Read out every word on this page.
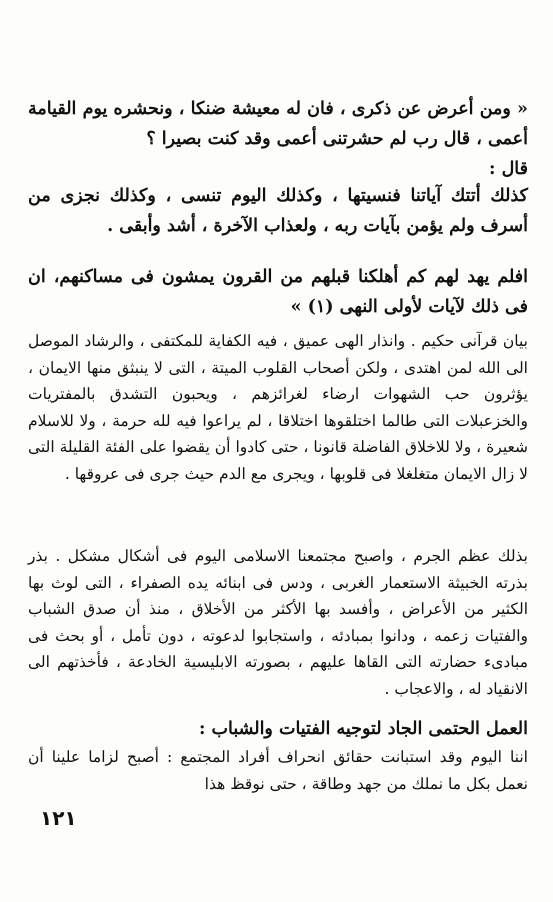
« ومن أعرض عن ذكرى ، فان له معيشة ضنكا ، ونحشره يوم القيامة أعمى ، قال رب لم حشرتنى أعمى وقد كنت بصيرا ؟

قال :

كذلك أتتك آياتنا فنسيتها ، وكذلك اليوم تنسى ، وكذلك نجزى من أسرف ولم يؤمن بآيات ربه ، ولعذاب الآخرة ، أشد وأبقى .

افلم يهد لهم كم أهلكنا قبلهم من القرون يمشون فى مساكنهم، ان فى ذلك لآيات لأولى النهى (١) »

بيان قرآنى حكيم . وانذار الهى عميق ، فيه الكفاية للمكتفى ، والرشاد الموصل الى الله لمن اهتدى ، ولكن أصحاب القلوب الميتة ، التى لا ينبثق منها الايمان ، يؤثرون حب الشهوات ارضاء لغرائزهم ، ويحبون التشدق بالمفتريات والخزعبلات التى طالما اختلقوها اختلاقا ، لم يراعوا فيه لله حرمة ، ولا للاسلام شعيرة ، ولا للاخلاق الفاضلة قانونا ، حتى كادوا أن يقضوا على الفئة القليلة التى لا زال الايمان متغلغلا فى قلوبها ، ويجرى مع الدم حيث جرى فى عروقها .

بذلك عظم الجرم ، واصبح مجتمعنا الاسلامى اليوم فى أشكال مشكل . بذر بذرته الخبيثة الاستعمار الغربى ، ودس فى ابنائه يده الصفراء ، التى لوث بها الكثير من الأعراض ، وأفسد بها الأكثر من الأخلاق ، منذ أن صدق الشباب والفتيات زعمه ، ودانوا بمبادئه ، واستجابوا لدعوته ، دون تأمل ، أو بحث فى مبادىء حضارته التى القاها عليهم ، بصورته الابليسية الخادعة ، فأخذتهم الى الانقياد له ، والاعجاب .

العمل الحتمى الجاد لتوجيه الفتيات والشباب :

اننا اليوم وقد استبانت حقائق انحراف أفراد المجتمع : أصبح لزاما علينا أن نعمل بكل ما نملك من جهد وطاقة ، حتى نوقظ هذا

١٢١
